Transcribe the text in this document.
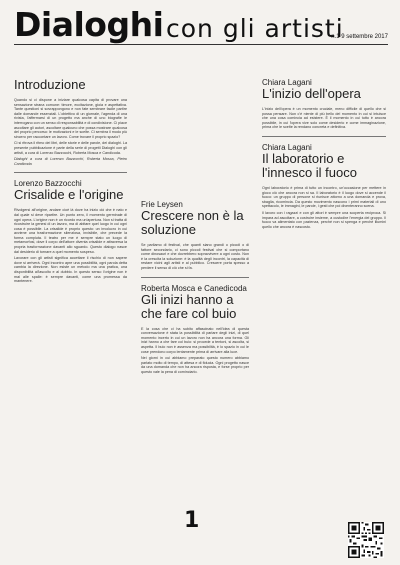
Dialoghi con gli artisti
n.1 9 settembre 2017
Introduzione

Quando si ci dispone a iniziare qualcosa capita di provare una sensazione strana comune: timore, eccitazione, gioia e aspettativa. Tante questioni si sovrappongono e non fate sembrare facile partire dalle domande essenziali. L'obiettivo di un giornale, l'agenda di una rivista, l'affermarsi di un progetto ma anche di uno biografie le interrogano con un senso di responsabilità e di condivisione. Ci piace ascoltare gli autori, ascoltare qualcuno che possa mostrare qualcosa del proprio percorso: le motivazioni e le scelte. Ci sembra il modo più sincero per raccontare un lavoro. Come trovare il proprio spazio?

Ci si ritrova il ritmo dei libri, delle storie e delle parole, dei dialoghi. La presente pubblicazione è parte della serie di progetti Dialoghi con gli artisti, a cura di Lorenzo Bazzocchi, Roberta Mosca e Candicoda.

Dialoghi a cura di Lorenzo Bazzocchi, Roberta Mosca, Pietro Candicoda

Lorenzo Bazzocchi
Crisalide e l'origine

Rivolgersi all'origine, andare cioè là dove ha inizio ciò che è nato e dal quale si deve ripartire. Un punto zero, il momento germinale di ogni opera. L'origine non è un ricordo ma un'apertura. Non si tratta di ricostruire la genesi di un lavoro, ma di abitare quel luogo in cui ogni cosa è possibile. La crisalide è proprio questo: un involucro in cui avviene una trasformazione silenziosa, invisibile, che precede la forma compiuta. Il teatro per me è sempre stato un luogo di metamorfosi, dove il corpo dell'attore diventa crisalide e attraversa la propria trasformazione davanti allo sguardo. Questo dialogo nasce dal desiderio di tornare a quel momento sospeso.

Lavorare con gli artisti significa accettare il rischio di non sapere dove si arriverà. Ogni incontro apre una possibilità, ogni parola detta cambia la direzione. Non esiste un metodo ma una pratica, una disponibilità all'ascolto e al dubbio. In questo senso l'origine non è mai alle spalle: è sempre davanti, come una promessa da mantenere.

Frie Leysen
Crescere non è la soluzione

Se parliamo di festival, che quanti siano grandi o piccoli o di fattore secondario, ci sono piccoli festival che si comportano come dinosauri e che dovrebbero sopravvivere a ogni costo. Non è la crescita la soluzione: è la qualità degli incontri, la capacità di restare vicini agli artisti e al pubblico. Crescere porta spesso a perdere il senso di ciò che si fa.

Roberta Mosca e Canedicoda
Gli inizi hanno a che fare col buio

E la cosa che ci ha subito affascinato nell'idea di questa conversazione è stata la possibilità di parlare degli inizi, di quel momento incerto in cui un lavoro non ha ancora una forma. Gli inizi hanno a che fare col buio: si procede a tentoni, si ascolta, si aspetta. Il buio non è assenza ma possibilità, è lo spazio in cui le cose prendono corpo lentamente prima di arrivare alla luce.

Nei giorni in cui abbiamo preparato questo numero abbiamo parlato molto di tempo, di attesa e di fiducia. Ogni progetto nasce da una domanda che non ha ancora risposta, e forse proprio per questo vale la pena di cominciarlo.

Chiara Lagani
L'inizio dell'opera

L'inizio dell'opera è un momento cruciale, meno difficile di quello che si possa pensare. Non c'è niente di più bello del momento in cui si intuisce che una cosa comincia ad esistere. È il momento in cui tutto è ancora possibile, in cui l'opera vive solo come desiderio e come immaginazione, prima che le scelte la rendano concreta e definitiva.

Chiara Lagani
Il laboratorio e l'innesco il fuoco

Ogni laboratorio è prima di tutto un incontro, un'occasione per mettere in gioco ciò che ancora non si sa. Il laboratorio è il luogo dove si accende il fuoco: un gruppo di persone si riunisce attorno a una domanda e prova, sbaglia, ricomincia. Da questo movimento nascono i primi materiali di uno spettacolo, le immagini, le parole, i gesti che poi diventeranno scena.

Il lavoro con i ragazzi e con gli attori è sempre una scoperta reciproca. Si impara ad ascoltare, a costruire insieme, a custodire l'energia del gruppo. Il fuoco va alimentato con pazienza, perché non si spenga e perché illumini quello che ancora è nascosto.

1
